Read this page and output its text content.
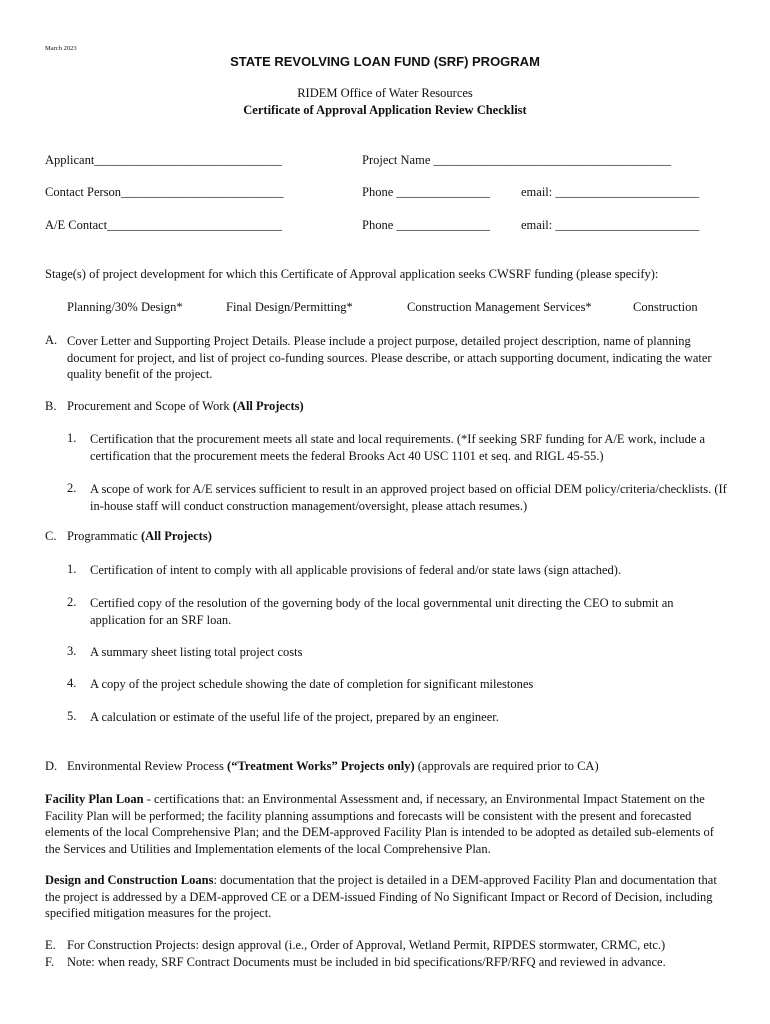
March 2023
STATE REVOLVING LOAN FUND (SRF) PROGRAM
RIDEM Office of Water Resources
Certificate of Approval Application Review Checklist
Applicant______________________________	Project Name ______________________________________
Contact Person__________________________	Phone _______________ email: _______________________
A/E Contact____________________________	Phone _______________ email: _______________________
Stage(s) of project development for which this Certificate of Approval application seeks CWSRF funding (please specify):
Planning/30% Design*	Final Design/Permitting*	Construction Management Services*	Construction
A. Cover Letter and Supporting Project Details. Please include a project purpose, detailed project description, name of planning document for project, and list of project co-funding sources. Please describe, or attach supporting document, indicating the water quality benefit of the project.
B. Procurement and Scope of Work (All Projects)
1. Certification that the procurement meets all state and local requirements. (*If seeking SRF funding for A/E work, include a certification that the procurement meets the federal Brooks Act 40 USC 1101 et seq. and RIGL 45-55.)
2. A scope of work for A/E services sufficient to result in an approved project based on official DEM policy/criteria/checklists. (If in-house staff will conduct construction management/oversight, please attach resumes.)
C. Programmatic (All Projects)
1. Certification of intent to comply with all applicable provisions of federal and/or state laws (sign attached).
2. Certified copy of the resolution of the governing body of the local governmental unit directing the CEO to submit an application for an SRF loan.
3. A summary sheet listing total project costs
4. A copy of the project schedule showing the date of completion for significant milestones
5. A calculation or estimate of the useful life of the project, prepared by an engineer.
D. Environmental Review Process (“Treatment Works” Projects only) (approvals are required prior to CA)
Facility Plan Loan - certifications that: an Environmental Assessment and, if necessary, an Environmental Impact Statement on the Facility Plan will be performed; the facility planning assumptions and forecasts will be consistent with the present and forecasted elements of the local Comprehensive Plan; and the DEM-approved Facility Plan is intended to be adopted as detailed sub-elements of the Services and Utilities and Implementation elements of the local Comprehensive Plan.
Design and Construction Loans: documentation that the project is detailed in a DEM-approved Facility Plan and documentation that the project is addressed by a DEM-approved CE or a DEM-issued Finding of No Significant Impact or Record of Decision, including specified mitigation measures for the project.
E. For Construction Projects: design approval (i.e., Order of Approval, Wetland Permit, RIPDES stormwater, CRMC, etc.)
F. Note: when ready, SRF Contract Documents must be included in bid specifications/RFP/RFQ and reviewed in advance.
